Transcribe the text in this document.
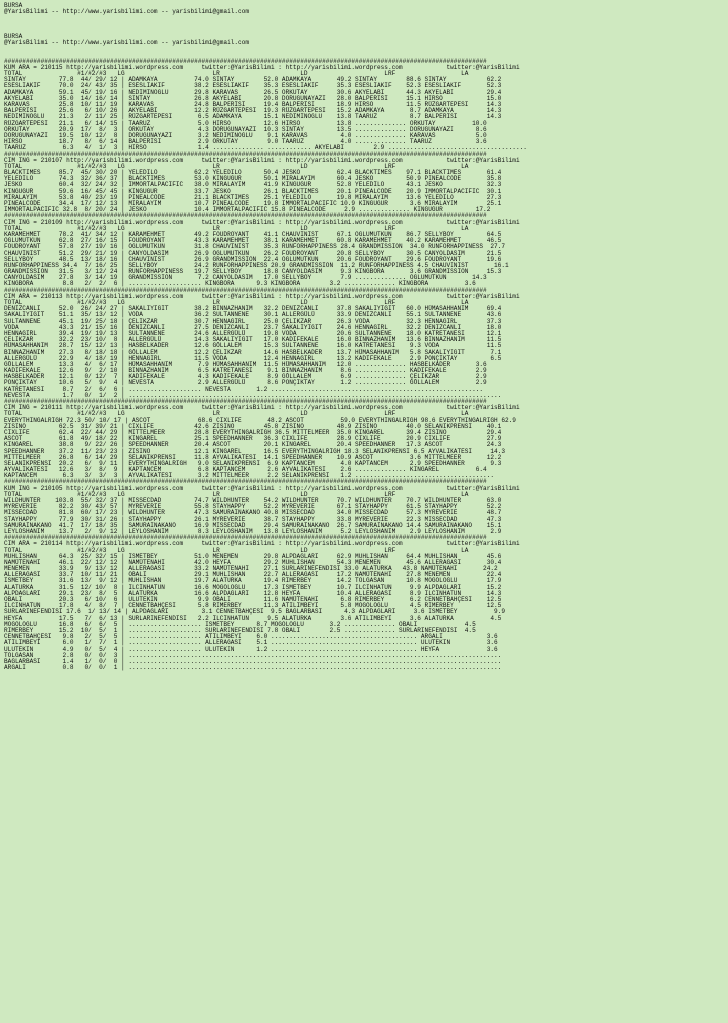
BURSA
@YarisBilimi -- http://www.yarisbilimi.com -- yarisbilimi@gmail.com

BURSA
@YarisBilimi -- http://www.yarisbilimi.com -- yarisbilimi@gmail.com

####################################################################################################################################
KUM ARA = 210115 http://yarisbilimi.wordpress.com     twitter:@YarisBilimi : http://yarisbilimi.wordpress.com            twitter:@YarisBilimi
TOTAL               #1/#2/#3   LG                        LR                      LD                     LRF                  LA
SINTAY         77.8  44/ 29/ 12 | ADAMKAYA          74.0 SINTAY        52.0 ADAMKAYA       49.2 SINTAY        88.6 SINTAY           62.2
ESESLIAKIF     70.0  24/ 43/ 35 | ESESLIAKIF        38.2 ESESLIAKIF    35.3 ESESLIAKIF     35.3 ESESLIAKIF    52.3 ESESLIAKIF       52.3
ADAMKAYA       59.1  45/ 19/ 16 | NEDIMINOGLU       29.8 KARAVAS       26.5 ORKUTAY        30.6 AKYELABI      44.3 AKYELABI         29.4
AKYELABI       35.0  14/ 16/ 14 | SINTAY            26.8 AKYELABI      20.8 DORUGUNAYAZI   28.0 BALPERISI     15.1 HIRSO            15.0
KARAVAS        25.8  10/ 11/ 19 | KARAVAS           24.8 BALPERISI     19.4 BALPERISI      18.9 HIRSO         11.5 RÜZGARTEPESI     14.3
BALPERISI      25.6   6/ 10/ 26 | AKYELABI          12.2 RÜZGARTEPESI  19.3 RÜZGARTEPESI   15.2 ADAMKAYA       8.7 ADAMKAYA         14.3
NEDIMINOGLU    21.3   2/ 11/ 25 | RÜZGARTEPESI       6.5 ADAMKAYA      15.1 NEDIMINOGLU    13.8 TAARUZ         8.7 BALPERISI        14.3
RÜZGARTEPESI   21.1   6/ 14/ 15 | TAARUZ             5.0 HIRSO         12.6 HIRSO          13.8 .............. ORKUTAY          10.0
ORKUTAY        20.9  17/  8/  3 | ORKUTAY            4.3 DORUGUNAYAZI  10.3 SINTAY         13.5 .............. DORUGUNAYAZI      8.6
DORUGUNAYAZI   19.5  10/ 12/  8 | DORUGUNAYAZI       3.2 NEDIMINOGLU    9.1 KARAVAS         4.0 .............. KARAVAS           5.0
HIRSO          18.7   8/  6/ 14 | BALPERISI          2.9 ORKUTAY        9.0 TAARUZ          4.0 .............. TAARUZ            3.6
TAARUZ          6.3   4/  1/  3 | HIRSO              1.4 .............. ............ AKYELABI        2.9 ......................................
####################################################################################################################################
CIM ING = 210107 http://yarisbilimi.wordpress.com     twitter:@YarisBilimi : http://yarisbilimi.wordpress.com            twitter:@YarisBilimi
TOTAL               #1/#2/#3   LG                        LR                      LD                     LRF                  LA
BLACKTIMES     85.7  45/ 30/ 20 | YELEDILO          62.2 YELEDILO      50.4 JESKO          62.4 BLACKTIMES    97.1 BLACKTIMES       61.4
YELEDILO       74.3  32/ 36/ 37 | BLACKTIMES        53.0 KINGUGUR      50.1 MIRALAYIM      60.4 JESKO         50.9 PINEALCODE       35.8
JESKO          60.4  32/ 24/ 32 | IMMORTALPACIFIC   38.0 MIRALAYIM     41.9 KINGUGUR       52.8 YELEDILO      43.1 JESKO            32.3
KINGUGUR       59.6  16/ 45/ 45 | KINGUGUR          33.7 JESKO         26.1 BLACKTIMES     20.1 PINEALCODE    20.9 IMMORTALPACIFIC  30.1
MIRALAYIM      53.8  40/ 23/ 19 | PINEALCODE        21.1 BLACKTIMES    25.1 YELEDILO       19.8 MIRALAYIM     13.6 YELEDILO         27.3
PINEALCODE     34.4  17/ 12/ 13 | MIRALAYIM         10.7 PINEALCODE    19.8 IMMORTALPACIFIC 10.9 KINGUGUR      3.6 MIRALAYIM        25.1
IMMORTALPACIFIC 32.8  8/ 20/ 24 | JESKO             10.4 IMMORTALPACIFIC 15.8 PINEALCODE     2.9 .............. KINGUGUR         17.2
####################################################################################################################################
CIM ING = 210109 http://yarisbilimi.wordpress.com     twitter:@YarisBilimi : http://yarisbilimi.wordpress.com            twitter:@YarisBilimi
TOTAL               #1/#2/#3   LG                        LR                      LD                     LRF                  LA
KARAMEHMET     78.2  41/ 34/ 12 | KARAMEHMET        49.2 FOUDROYANT    41.1 CHAUVINIST     67.1 OGLUMUTKUN    86.7 SELLYBOY         64.5
OGLUMUTKUN     62.8  27/ 16/ 15 | FOUDROYANT        43.3 KARAMEHMET    38.1 KARAMEHMET     60.8 KARAMEHMET    40.2 KARAMEHMET       46.5
FOUDROYANT     57.8  27/ 19/ 16 | OGLUMUTKUN        31.8 CHAUVINIST    35.3 RUNFORHAPPINESS 28.4 GRANDMISSION  34.0 RUNFORHAPPINESS  27.7
CHAUVINIST     51.2  29/ 21/ 19 | CANYOLDASIM       26.9 OGLUMUTKUN    26.2 FOUDROYANT     20.8 SELLYBOY      30.5 CANYOLDASIM      21.5
SELLYBOY       48.5  13/ 18/ 16 | CHAUVINIST        26.9 GRANDMISSION  22.4 OGLUMUTKUN     20.6 FOUDROYANT    29.6 FOUDROYANT       19.6
RUNFORHAPPINESS 34.4  7/ 16/ 25 | SELLYBOY          24.2 RUNFORHAPPINESS 20.9 GRANDMISSION  11.2 RUNFORHAPPINESS 4.5 CHAUVINIST       16.1
GRANDMISSION   31.5   3/ 12/ 24 | RUNFORHAPPINESS   19.7 SELLYBOY      18.8 CANYOLDASIM     9.3 KINGBORA       3.6 GRANDMISSION     15.3
CANYOLDASIM    27.8   3/ 14/ 19 | GRANDMISSION       7.2 CANYOLDASIM   17.0 SELLYBOY        7.9 .............. OGLUMUTKUN       14.3
KINGBORA        8.8   2/  2/  6 | .................... KINGBORA      9.3 KINGBORA        3.2 .............. KINGBORA          3.6
####################################################################################################################################
CIM ARA = 210113 http://yarisbilimi.wordpress.com     twitter:@YarisBilimi : http://yarisbilimi.wordpress.com            twitter:@YarisBilimi
TOTAL               #1/#2/#3   LG                        LR                      LD                     LRF                  LA
DENIZCANLI     52.0  26/ 24/ 27 | SAKALIYIGIT       38.2 BINNAZHANIM   32.2 DENIZCANLI     37.8 SAKALIYIGIT   60.0 HÜMASAHHANIM     69.4
SAKALIYIGIT    51.1  35/ 13/ 12 | VODA              36.2 SULTANNENE    30.1 ALLERGÜLÜ      33.9 DENIZCANLI    55.1 SULTANNENE       43.6
SULTANNENE     45.1  19/ 25/ 18 | ÇELIKZAR          30.7 HENNAGIRL     25.0 ÇELIKZAR       26.3 VODA          32.3 HENNAGIRL        37.3
VODA           43.3  21/ 15/ 16 | DENIZCANLI        27.5 DENIZCANLI    23.7 SAKALIYIGIT    24.6 HENNAGIRL     32.2 DENIZCANLI       18.0
HENNAGIRL      39.4  19/ 19/ 13 | SULTANNENE        24.6 ALLERGÜLÜ     19.8 VODA           20.6 SULTANNENE    18.0 KATRETANESI      12.1
ÇELIKZAR       32.2  23/ 10/  8 | ALLERGÜLÜ         14.3 SAKALIYIGIT   17.0 KADIFEKALE     16.0 BINNAZHANIM   13.6 BINNAZHANIM      11.5
HÜMASAHHANIM   28.7  15/ 12/ 13 | HASBELKADER       12.6 GÖLLALEM      15.3 SULTANNENE     16.0 KATRETANESI    9.3 VODA             11.5
BINNAZHANIM    27.3   8/ 18/ 18 | GÖLLALEM          12.2 ÇELIKZAR      14.6 HASBELKADER    13.7 HÜMASAHHANIM   5.8 SAKALIYIGIT       7.1
ALLERGÜLÜ      22.9   4/ 18/ 19 | HENNAGIRL         11.5 VODA          12.4 HENNAGIRL      13.2 KADIFEKALE     2.9 PONÇIKTAY         6.5
GÖLLALEM       13.3   4/  6/ 17 | HÜMASAHHANIM       7.9 HÜMASAHHANIM  11.5 HÜMASAHHANIM   12.0 .............. HASBELKADER       3.6
KADIFEKALE     12.6   9/  2/ 10 | BINNAZHANIM        6.5 KATRETANESI    9.1 BINNAZHANIM     8.6 .............. KADIFEKALE        2.9
HASBELKADER    12.1   0/ 12/  7 | KADIFEKALE         4.3 KADIFEKALE     8.9 GÖLLALEM        6.9 .............. ÇELIKZAR          2.9
PONÇIKTAY      10.6   5/  9/  4 | NEVESTA            2.9 ALLERGÜLÜ      8.6 PONÇIKTAY       1.2 .............. GÖLLALEM          2.9
KATRETANESI     8.7   2/  6/  6 | .................... NEVESTA       1.2 ..........................................................
NEVESTA         1.7   0/  1/  2 | ......................................................................................................
####################################################################################################################################
CIM ING = 210111 http://yarisbilimi.wordpress.com     twitter:@YarisBilimi : http://yarisbilimi.wordpress.com            twitter:@YarisBilimi
TOTAL               #1/#2/#3   LG                        LR                      LD                     LRF                  LA
EVERYTHINGALRIGH 72.3 50/ 10/ 17 | ASCOT             68.6 CIXLIFE       48.2 ASCOT          59.0 EVERYTHINGALRIGH 98.6 EVERYTHINGALRIGH 62.9
ZISINO         62.5  31/ 39/ 21 | CIXLIFE           42.6 ZISINO        45.8 ZISINO         48.9 ZISINO        40.0 SELANIKPRENSI    40.1
CIXLIFE        62.4  22/ 44/ 29 | MITTELMEER        28.8 EVERYTHINGALRIGH 36.5 MITTELMEER  35.0 KINGAREL      39.4 ZISINO           29.4
ASCOT          61.8  49/ 18/ 22 | KINGAREL          25.1 SPEEDHANNER   36.3 CIXLIFE        28.9 CIXLIFE       20.9 CIXLIFE          27.9
KINGAREL       38.8   9/ 22/ 26 | SPEEDHANNER       20.4 ASCOT         20.1 KINGAREL       20.4 SPEEDHANNER   17.3 ASCOT            24.3
SPEEDHANNER    37.2  11/ 23/ 23 | ZISINO            12.1 KINGAREL      16.5 EVERYTHINGALRIGH 18.3 SELANIKPRENSI 6.5 AYVALIKATESI     14.3
MITTELMEER     26.8   6/ 14/ 29 | SELANIKPRENSI     11.8 AYVALIKATESI  14.1 SPEEDHANNER    10.9 ASCOT          3.6 MITTELMEER       12.2
SELANIKPRENSI  20.2   6/  9/ 11 | EVERYTHINGALRIGH   9.0 SELANIKPRENSI  6.9 KAPTANCEM       4.0 KAPTANCEM      2.9 SPEEDHANNER       9.3
AYVALIKATESI   12.6   3/  8/  9 | KAPTANCEM          6.8 KAPTANCEM      2.6 AYVALIKATESI    2.6 .............. KINGAREL          6.4
KAPTANCEM       6.3   3/  3/  3 | AYVALIKATESI       3.2 MITTELMEER     2.2 SELANIKPRENSI   1.2 ......................................
####################################################################################################################################
KUM ING = 210105 http://yarisbilimi.wordpress.com     twitter:@YarisBilimi : http://yarisbilimi.wordpress.com            twitter:@YarisBilimi
TOTAL               #1/#2/#3   LG                        LR                      LD                     LRF                  LA
WILDHUNTER    103.8  55/ 32/ 37 | MISSECDAD         74.7 WILDHUNTER    54.2 WILDHUNTER     70.7 WILDHUNTER    70.7 WILDHUNTER       63.0
MYREVERIE      82.2  30/ 43/ 57 | MYREVERIE         55.8 STAYHAPPY     52.2 MYREVERIE      67.1 STAYHAPPY     61.5 STAYHAPPY        52.2
MISSECDAD      81.8  60/ 17/ 23 | WILDHUNTER        47.3 SAMURAINAKANO 40.8 MISSECDAD      34.0 MISSECDAD     57.3 MYREVERIE        48.7
STAYHAPPY      77.9  30/ 31/ 26 | STAYHAPPY         26.1 MYREVERIE     38.7 STAYHAPPY      33.8 MYREVERIE     22.3 MISSECDAD        47.3
SAMURAINAKANO  41.7  17/ 18/ 35 | SAMURAINAKANO     16.9 MISSECDAD     29.4 SAMURAINAKANO  26.7 SAMURAINAKANO 14.4 SAMURAINAKANO    15.1
LEYLOSHANIM    13.7   2/  9/ 12 | LEYLOSHANIM        8.3 LEYLOSHANIM   13.8 LEYLOSHANIM     5.2 LEYLOSHANIM    2.9 LEYLOSHANIM       2.9
####################################################################################################################################
CIM ARA = 210114 http://yarisbilimi.wordpress.com     twitter:@YarisBilimi : http://yarisbilimi.wordpress.com            twitter:@YarisBilimi
TOTAL               #1/#2/#3   LG                        LR                      LD                     LRF                  LA
MUHLISHAN      64.3  25/ 32/ 15 | ISMETBEY          51.0 MENEMEN       29.8 ALPDAGLARI     62.9 MUHLISHAN     64.4 MUHLISHAN        45.6
NAMÜTENAHI     46.1  22/ 12/ 12 | NAMÜTENAHI        42.0 HEYFA         29.2 MUHLISHAN      54.3 MENEMEN       45.6 ALLERAGASI       30.4
MENEMEN        33.9   9/ 13/ 12 | ALLERAGASI        33.2 NAMÜTENAHI    27.1 SURLARINEFENDISI 33.0 ALATURKA   43.8 NAMÜTENAHI       24.2
ALLERAGASI     33.7  10/ 11/ 21 | OBALI             29.1 MUHLISHAN     22.7 ALLERAGASI     17.2 NAMÜTENAHI    27.8 MENEMEN          22.4
ISMETBEY       31.6  13/  9/ 12 | MUHLISHAN         19.7 ALATURKA      19.4 RIMERBEY       14.2 TOLGASAN      10.8 MOGOLOGLU        17.9
ALATURKA       31.5  12/ 10/  8 | ILCINHATUN        16.6 MOGOLOGLU     17.3 ISMETBEY       10.7 ILCINHATUN     9.9 ALPDAGLARI       15.2
ALPDAGLARI     29.1  23/  8/  5 | ALATURKA          16.6 ALPDAGLARI    12.8 HEYFA          10.4 ALLERAGASI     8.9 ILCINHATUN       14.3
OBALI          20.3   6/ 10/  6 | ULUTEKIN           9.9 OBALI         11.6 NAMÜTENAHI      6.8 RIMERBEY       6.2 CENNETBAHÇESI    12.5
ILCINHATUN     17.8   4/  8/  7 | CENNETBAHÇESI      5.8 RIMERBEY      11.3 ATILIMBEYI      5.8 MOGOLOGLU      4.5 RIMERBEY         12.5
SURLARINEFENDISI 17.6  1/ 13/ 14 | ALPDAGLARI         3.1 CENNETBAHÇESI  9.5 BAGLARBASI      4.3 ALPDAGLARI     3.6 ISMETBEY          9.9
HEYFA          17.5   7/  6/ 13 | SURLARINEFENDISI   2.2 ILCINHATUN     9.5 ALATURKA        3.6 ATILIMBEYI     3.6 ALATURKA          4.5
MOGOLOGLU      16.8   6/  6/  5 | .................... ISMETBEY      8.7 MOGOLOGLU       3.2 .............. OBALI             4.5
RIMERBEY       15.2  10/  5/  1 | .................... SURLARINEFENDISI 7.8 OBALI        2.5 .............. SURLARINEFENDISI  4.5
CENNETBAHÇESI   9.8   2/  5/  5 | .................... ATILIMBEYI    6.0 ........................................ ARGALI            3.6
ATILIMBEYI      6.0   1/  7/  1 | .................... ALLERAGASI    5.1 ........................................ ULUTEKIN          3.6
ULUTEKIN        4.9   0/  5/  4 | .................... ULUTEKIN      1.2 ........................................ HEYFA             3.6
TOLGASAN        2.8   0/  0/  3 | ......................................................................................................
BAGLARBASI      1.4   1/  0/  0 | ......................................................................................................
ARGALI          0.8   0/  0/  1 | ......................................................................................................
